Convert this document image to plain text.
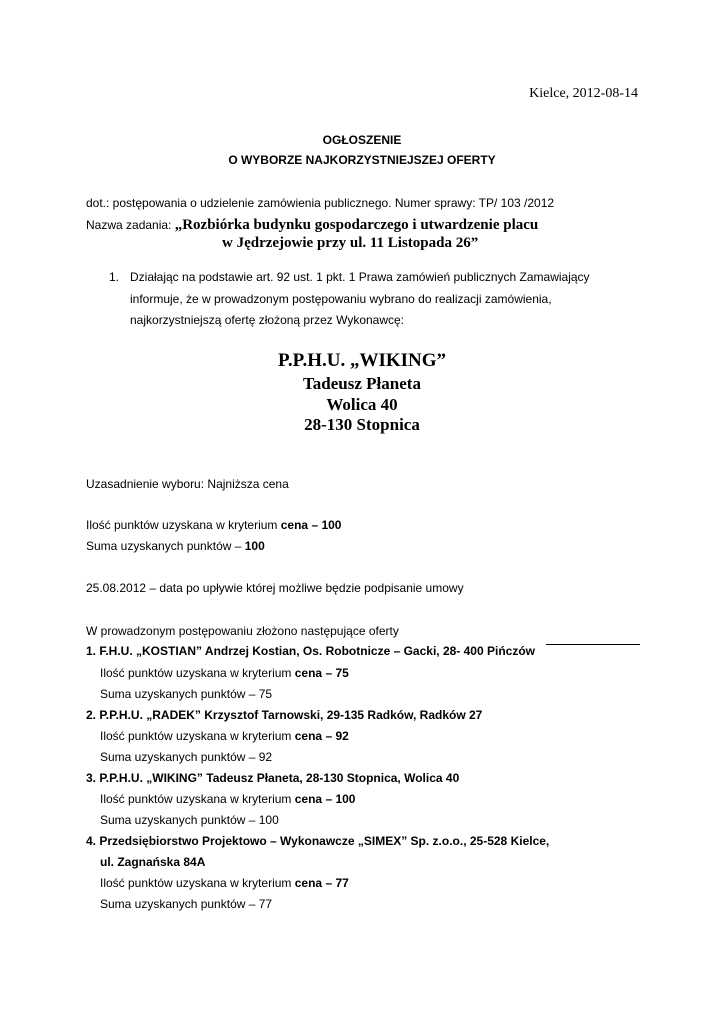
Kielce, 2012-08-14
OGŁOSZENIE
O WYBORZE NAJKORZYSTNIEJSZEJ OFERTY
dot.: postępowania o udzielenie zamówienia publicznego. Numer sprawy: TP/ 103 /2012
Nazwa zadania: „Rozbiórka budynku gospodarczego i utwardzenie placu
w Jędrzejowie przy ul. 11 Listopada 26”
1. Działając na podstawie art. 92 ust. 1 pkt. 1 Prawa zamówień publicznych Zamawiający
informuje, że w prowadzonym postępowaniu wybrano do realizacji zamówienia,
najkorzystniejszą ofertę złożoną przez Wykonawcę:
P.P.H.U. „WIKING”
Tadeusz Płaneta
Wolica 40
28-130 Stopnica
Uzasadnienie wyboru: Najniższa cena
Ilość punktów uzyskana w kryterium cena – 100
Suma uzyskanych punktów – 100
25.08.2012 – data po upływie której możliwe będzie podpisanie umowy
W prowadzonym postępowaniu złożono następujące oferty
1. F.H.U. „KOSTIAN” Andrzej Kostian, Os. Robotnicze – Gacki, 28- 400 Pińczów
Ilość punktów uzyskana w kryterium cena – 75
Suma uzyskanych punktów – 75
2. P.P.H.U. „RADEK” Krzysztof Tarnowski, 29-135 Radków, Radków 27
Ilość punktów uzyskana w kryterium cena – 92
Suma uzyskanych punktów – 92
3. P.P.H.U. „WIKING” Tadeusz Płaneta, 28-130 Stopnica, Wolica 40
Ilość punktów uzyskana w kryterium cena – 100
Suma uzyskanych punktów – 100
4. Przedsiębiorstwo Projektowo – Wykonawcze „SIMEX” Sp. z.o.o., 25-528 Kielce,
ul. Zagnańska 84A
Ilość punktów uzyskana w kryterium cena – 77
Suma uzyskanych punktów – 77
